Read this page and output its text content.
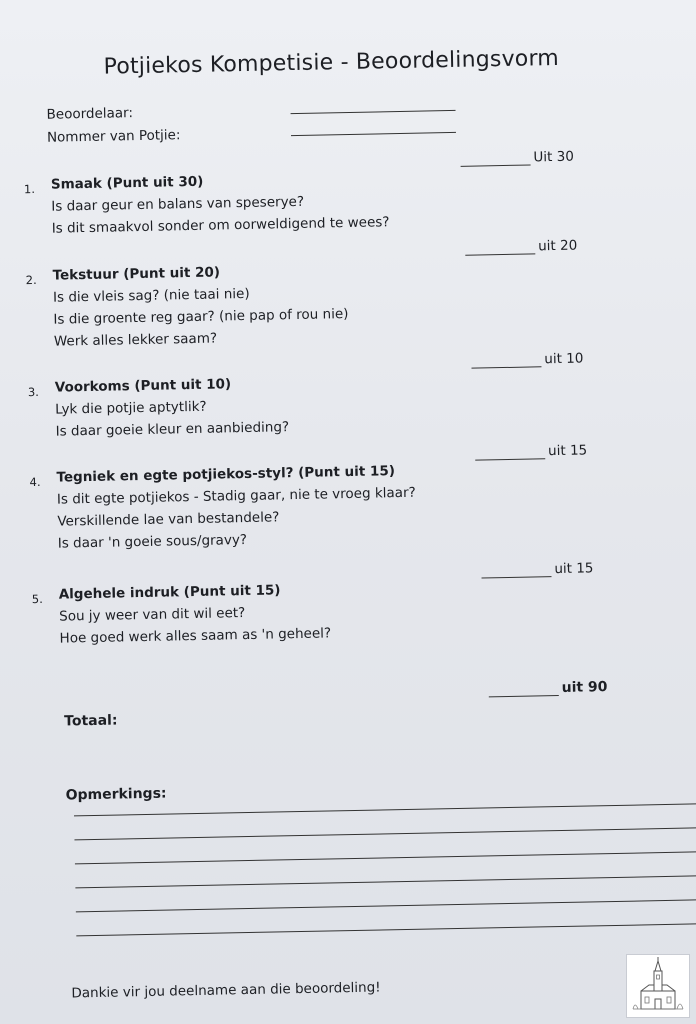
Potjiekos Kompetisie - Beoordelingsvorm
Beoordelaar:
Nommer van Potjie:
1. Smaak (Punt uit 30)
Is daar geur en balans van speserye?
Is dit smaakvol sonder om oorweldigend te wees?
Uit 30
2. Tekstuur (Punt uit 20)
Is die vleis sag? (nie taai nie)
Is die groente reg gaar? (nie pap of rou nie)
Werk alles lekker saam?
uit 20
3. Voorkoms (Punt uit 10)
Lyk die potjie aptytlik?
Is daar goeie kleur en aanbieding?
uit 10
4. Tegniek en egte potjiekos-styl? (Punt uit 15)
Is dit egte potjiekos - Stadig gaar, nie te vroeg klaar?
Verskillende lae van bestandele?
Is daar 'n goeie sous/gravy?
uit 15
5. Algehele indruk (Punt uit 15)
Sou jy weer van dit wil eet?
Hoe goed werk alles saam as 'n geheel?
uit 15
Totaal:
uit 90
Opmerkings:
Dankie vir jou deelname aan die beoordeling!
